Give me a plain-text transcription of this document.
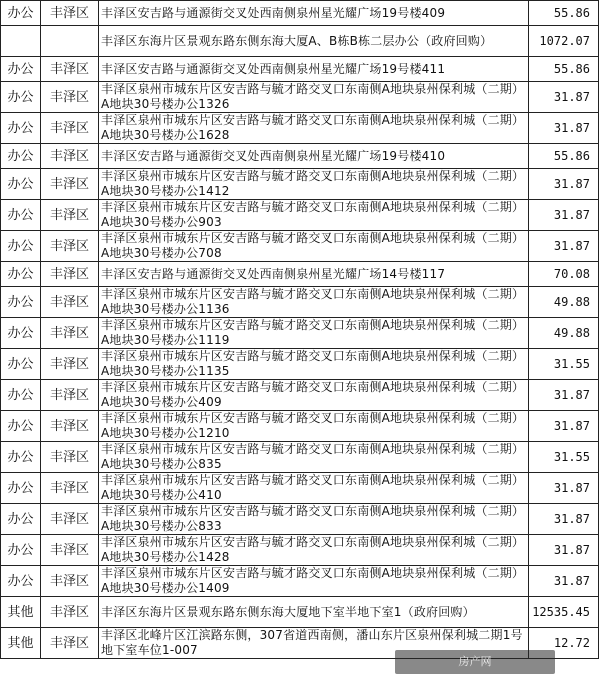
办公	丰泽区	丰泽区安吉路与通源街交叉处西南侧泉州星光耀广场19号楼409	55.86
		丰泽区东海片区景观东路东侧东海大厦A、B栋B栋二层办公（政府回购）	1072.07
办公	丰泽区	丰泽区安吉路与通源街交叉处西南侧泉州星光耀广场19号楼411	55.86
办公	丰泽区	丰泽区泉州市城东片区安吉路与毓才路交叉口东南侧A地块泉州保利城（二期）A地块30号楼办公1326	31.87
办公	丰泽区	丰泽区泉州市城东片区安吉路与毓才路交叉口东南侧A地块泉州保利城（二期）A地块30号楼办公1628	31.87
办公	丰泽区	丰泽区安吉路与通源街交叉处西南侧泉州星光耀广场19号楼410	55.86
办公	丰泽区	丰泽区泉州市城东片区安吉路与毓才路交叉口东南侧A地块泉州保利城（二期）A地块30号楼办公1412	31.87
办公	丰泽区	丰泽区泉州市城东片区安吉路与毓才路交叉口东南侧A地块泉州保利城（二期）A地块30号楼办公903	31.87
办公	丰泽区	丰泽区泉州市城东片区安吉路与毓才路交叉口东南侧A地块泉州保利城（二期）A地块30号楼办公708	31.87
办公	丰泽区	丰泽区安吉路与通源街交叉处西南侧泉州星光耀广场14号楼117	70.08
办公	丰泽区	丰泽区泉州市城东片区安吉路与毓才路交叉口东南侧A地块泉州保利城（二期）A地块30号楼办公1136	49.88
办公	丰泽区	丰泽区泉州市城东片区安吉路与毓才路交叉口东南侧A地块泉州保利城（二期）A地块30号楼办公1119	49.88
办公	丰泽区	丰泽区泉州市城东片区安吉路与毓才路交叉口东南侧A地块泉州保利城（二期）A地块30号楼办公1135	31.55
办公	丰泽区	丰泽区泉州市城东片区安吉路与毓才路交叉口东南侧A地块泉州保利城（二期）A地块30号楼办公409	31.87
办公	丰泽区	丰泽区泉州市城东片区安吉路与毓才路交叉口东南侧A地块泉州保利城（二期）A地块30号楼办公1210	31.87
办公	丰泽区	丰泽区泉州市城东片区安吉路与毓才路交叉口东南侧A地块泉州保利城（二期）A地块30号楼办公835	31.55
办公	丰泽区	丰泽区泉州市城东片区安吉路与毓才路交叉口东南侧A地块泉州保利城（二期）A地块30号楼办公410	31.87
办公	丰泽区	丰泽区泉州市城东片区安吉路与毓才路交叉口东南侧A地块泉州保利城（二期）A地块30号楼办公833	31.87
办公	丰泽区	丰泽区泉州市城东片区安吉路与毓才路交叉口东南侧A地块泉州保利城（二期）A地块30号楼办公1428	31.87
办公	丰泽区	丰泽区泉州市城东片区安吉路与毓才路交叉口东南侧A地块泉州保利城（二期）A地块30号楼办公1409	31.87
其他	丰泽区	丰泽区东海片区景观东路东侧东海大厦地下室半地下室1（政府回购）	12535.45
其他	丰泽区	丰泽区北峰片区江滨路东侧，307省道西南侧，潘山东片区泉州保利城二期1号地下室车位1-007	12.72
房产网
